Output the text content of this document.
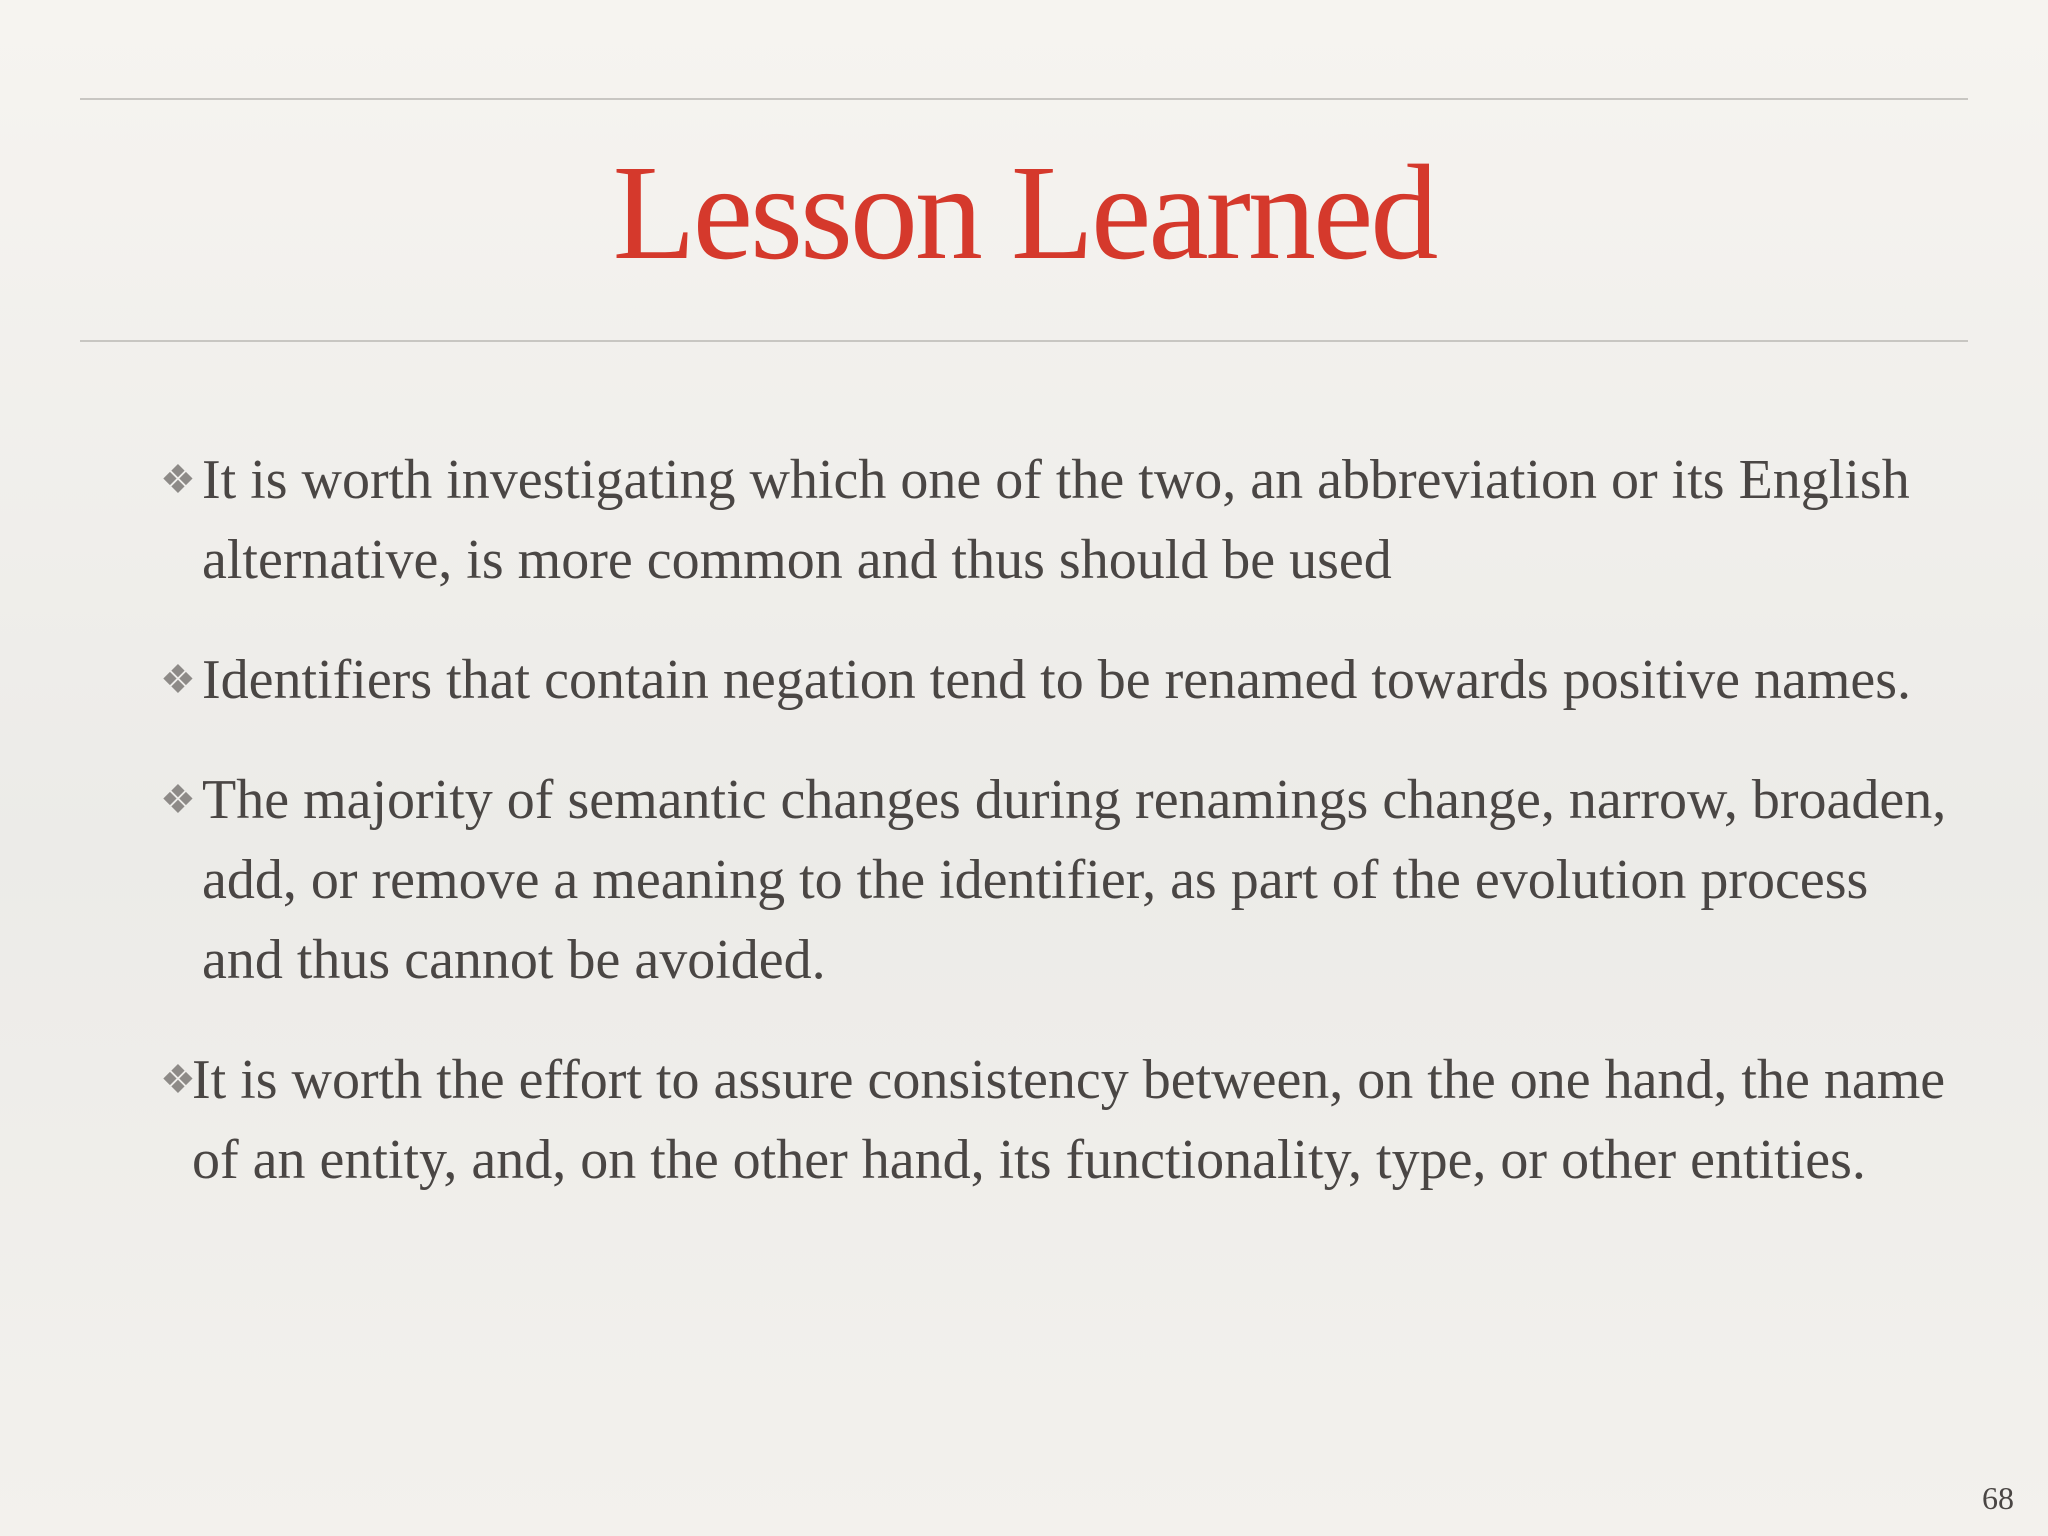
Lesson Learned
❖ It is worth investigating which one of the two, an abbreviation or its English alternative, is more common and thus should be used
❖ Identifiers that contain negation tend to be renamed towards positive names.
❖ The majority of semantic changes during renamings change, narrow, broaden, add, or remove a meaning to the identifier, as part of the evolution process and thus cannot be avoided.
❖
It is worth the effort to assure consistency between, on the one hand, the name of an entity, and, on the other hand, its functionality, type, or other entities.
68
